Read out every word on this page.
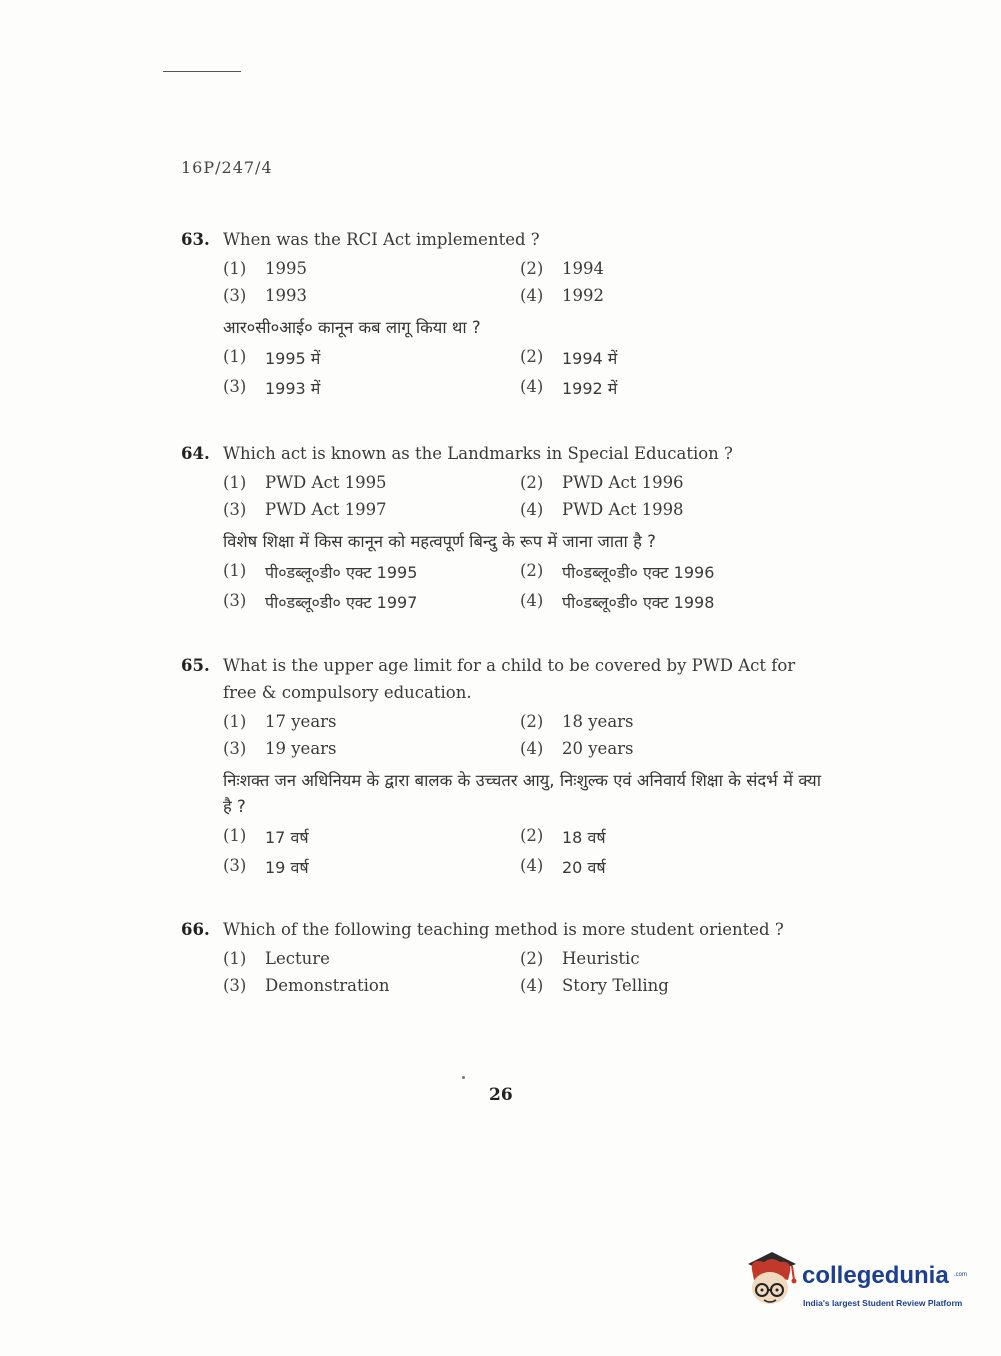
16P/247/4
63. When was the RCI Act implemented ?
(1)	1995	(2)	1994
(3)	1993	(4)	1992
आर०सी०आई० कानून कब लागू किया था ?
(1)	1995 में	(2)	1994 में
(3)	1993 में	(4)	1992 में
64. Which act is known as the Landmarks in Special Education ?
(1)	PWD Act 1995	(2)	PWD Act 1996
(3)	PWD Act 1997	(4)	PWD Act 1998
विशेष शिक्षा में किस कानून को महत्वपूर्ण बिन्दु के रूप में जाना जाता है ?
(1)	पी०डब्लू०डी० एक्ट 1995	(2)	पी०डब्लू०डी० एक्ट 1996
(3)	पी०डब्लू०डी० एक्ट 1997	(4)	पी०डब्लू०डी० एक्ट 1998
65. What is the upper age limit for a child to be covered by PWD Act for free & compulsory education.
(1)	17 years	(2)	18 years
(3)	19 years	(4)	20 years
निःशक्त जन अधिनियम के द्वारा बालक के उच्चतर आयु, निःशुल्क एवं अनिवार्य शिक्षा के संदर्भ में क्या है ?
(1)	17 वर्ष	(2)	18 वर्ष
(3)	19 वर्ष	(4)	20 वर्ष
66. Which of the following teaching method is more student oriented ?
(1)	Lecture	(2)	Heuristic
(3)	Demonstration	(4)	Story Telling
26
collegedunia .com
India's largest Student Review Platform
